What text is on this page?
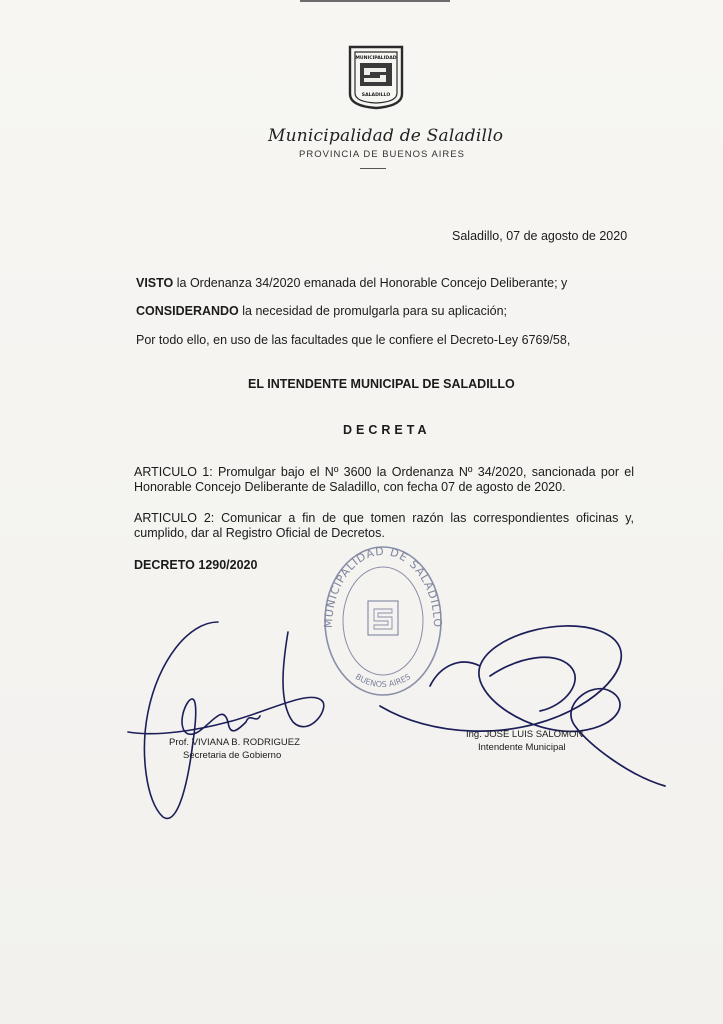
MUNICIPALIDAD
SALADILLO
Municipalidad de Saladillo
PROVINCIA DE BUENOS AIRES
Saladillo, 07 de agosto de 2020
VISTO la Ordenanza 34/2020 emanada del Honorable Concejo Deliberante; y
CONSIDERANDO la necesidad de promulgarla para su aplicación;
Por todo ello, en uso de las facultades que le confiere el Decreto-Ley 6769/58,
EL INTENDENTE MUNICIPAL DE SALADILLO
DECRETA
ARTICULO 1: Promulgar bajo el Nº 3600 la Ordenanza Nº 34/2020, sancionada por el Honorable Concejo Deliberante de Saladillo, con fecha 07 de agosto de 2020.
ARTICULO 2: Comunicar a fin de que tomen razón las correspondientes oficinas y, cumplido, dar al Registro Oficial de Decretos.
DECRETO 1290/2020
MUNICIPALIDAD DE SALADILLO
BUENOS AIRES
Prof. VIVIANA B. RODRIGUEZ
Secretaria de Gobierno
Ing. JOSE LUIS SALOMON
Intendente Municipal
